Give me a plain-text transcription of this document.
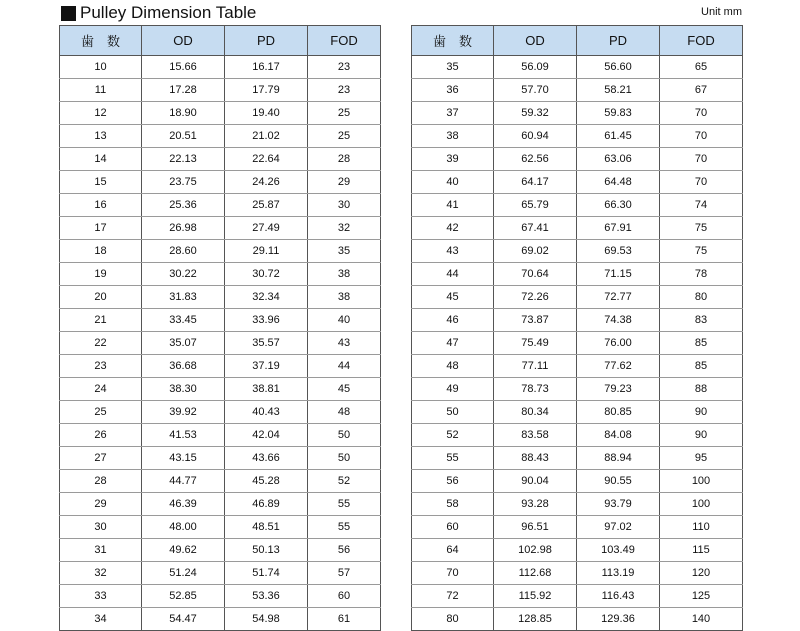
Pulley Dimension Table	Unit mm
歯　数	OD	PD	FOD
10	15.66	16.17	23
11	17.28	17.79	23
12	18.90	19.40	25
13	20.51	21.02	25
14	22.13	22.64	28
15	23.75	24.26	29
16	25.36	25.87	30
17	26.98	27.49	32
18	28.60	29.11	35
19	30.22	30.72	38
20	31.83	32.34	38
21	33.45	33.96	40
22	35.07	35.57	43
23	36.68	37.19	44
24	38.30	38.81	45
25	39.92	40.43	48
26	41.53	42.04	50
27	43.15	43.66	50
28	44.77	45.28	52
29	46.39	46.89	55
30	48.00	48.51	55
31	49.62	50.13	56
32	51.24	51.74	57
33	52.85	53.36	60
34	54.47	54.98	61
歯　数	OD	PD	FOD
35	56.09	56.60	65
36	57.70	58.21	67
37	59.32	59.83	70
38	60.94	61.45	70
39	62.56	63.06	70
40	64.17	64.48	70
41	65.79	66.30	74
42	67.41	67.91	75
43	69.02	69.53	75
44	70.64	71.15	78
45	72.26	72.77	80
46	73.87	74.38	83
47	75.49	76.00	85
48	77.11	77.62	85
49	78.73	79.23	88
50	80.34	80.85	90
52	83.58	84.08	90
55	88.43	88.94	95
56	90.04	90.55	100
58	93.28	93.79	100
60	96.51	97.02	110
64	102.98	103.49	115
70	112.68	113.19	120
72	115.92	116.43	125
80	128.85	129.36	140
